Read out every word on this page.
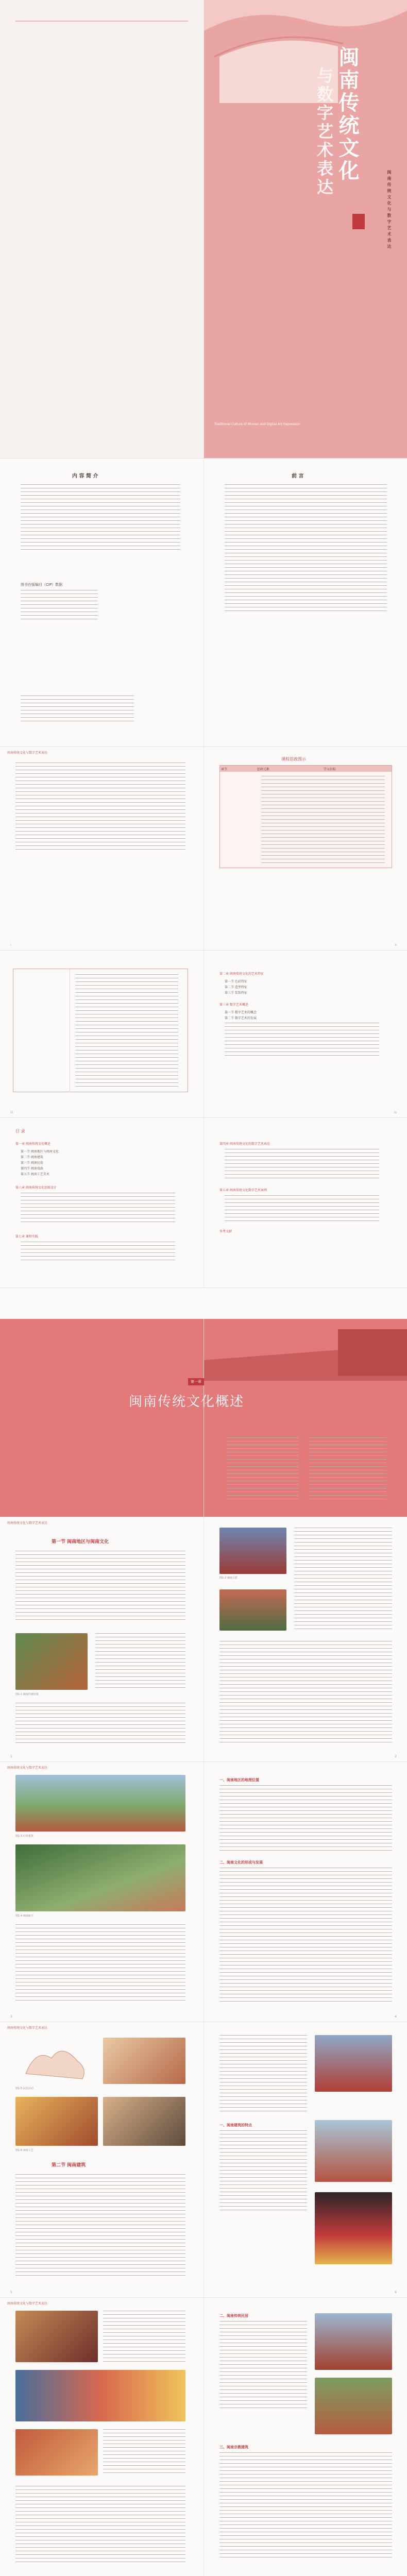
闽南传统文化
与数字艺术表达
闽南传统文化与数字艺术表达
Traditional Culture of Minnan and Digital Art Expression
内 容 简 介
图书在版编目（CIP）数据
前 言
闽南传统文化与数字艺术表达
i
课程思政图示
章节	思政元素	学习目标
ii
iii
第二章 闽南传统文化的艺术特征
第一节 色彩特征
第二节 造型特征
第三节 装饰特征
第三章 数字艺术概述
第一节 数字艺术的概念
第二节 数字艺术的发展
iv
目 录
第一章 闽南传统文化概述
第一节 闽南地区与闽南文化
第二节 闽南建筑
第三节 闽南民俗
第四节 闽南戏曲
第五节 闽南工艺美术
第六章 闽南传统文化创新设计
第七章 课程实践
第四章 闽南传统文化的数字艺术表达
第五章 闽南传统文化数字艺术案例
参考文献
第一章
闽南传统文化概述
闽南传统文化与数字艺术表达
第一节 闽南地区与闽南文化
图1-1 闽南传统村落
1
图1-2 闽南古厝
2
闽南传统文化与数字艺术表达
图1-3 红砖建筑
图1-4 闽南庙宇
3
一、闽南地区的地理位置
二、闽南文化的形成与发展
4
闽南传统文化与数字艺术表达
图1-5 民俗活动
图1-6 闽南工艺
第二节 闽南建筑
5
一、闽南建筑的特点
6
闽南传统文化与数字艺术表达
二、闽南传统民居
三、闽南宗教建筑
